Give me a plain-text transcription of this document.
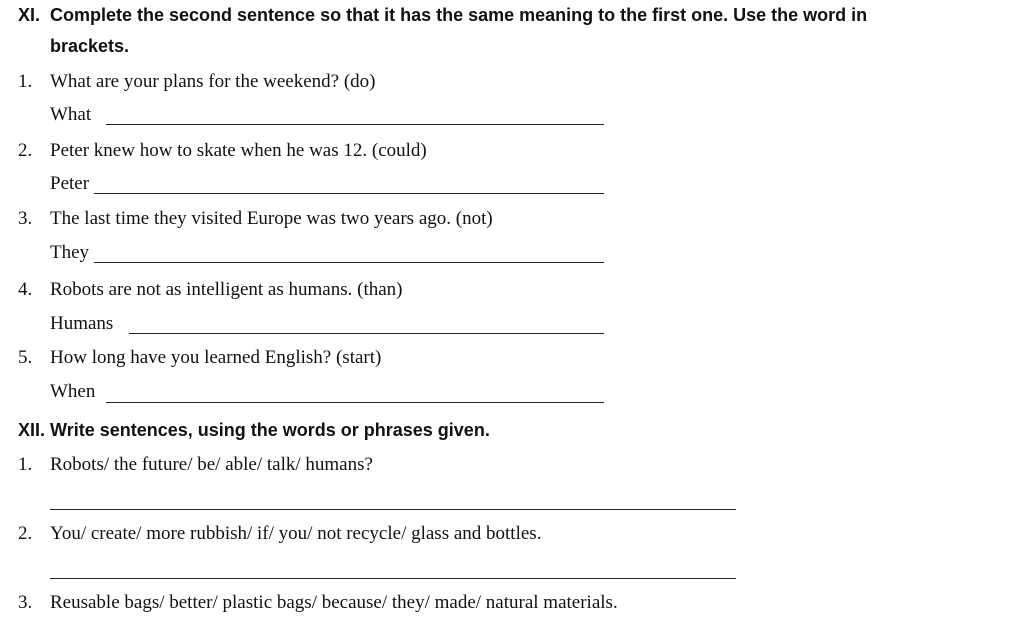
XI. Complete the second sentence so that it has the same meaning to the first one. Use the word in
brackets.
1. What are your plans for the weekend? (do)
What
2. Peter knew how to skate when he was 12. (could)
Peter
3. The last time they visited Europe was two years ago. (not)
They
4. Robots are not as intelligent as humans. (than)
Humans
5. How long have you learned English? (start)
When
XII. Write sentences, using the words or phrases given.
1. Robots/ the future/ be/ able/ talk/ humans?
2. You/ create/ more rubbish/ if/ you/ not recycle/ glass and bottles.
3. Reusable bags/ better/ plastic bags/ because/ they/ made/ natural materials.
